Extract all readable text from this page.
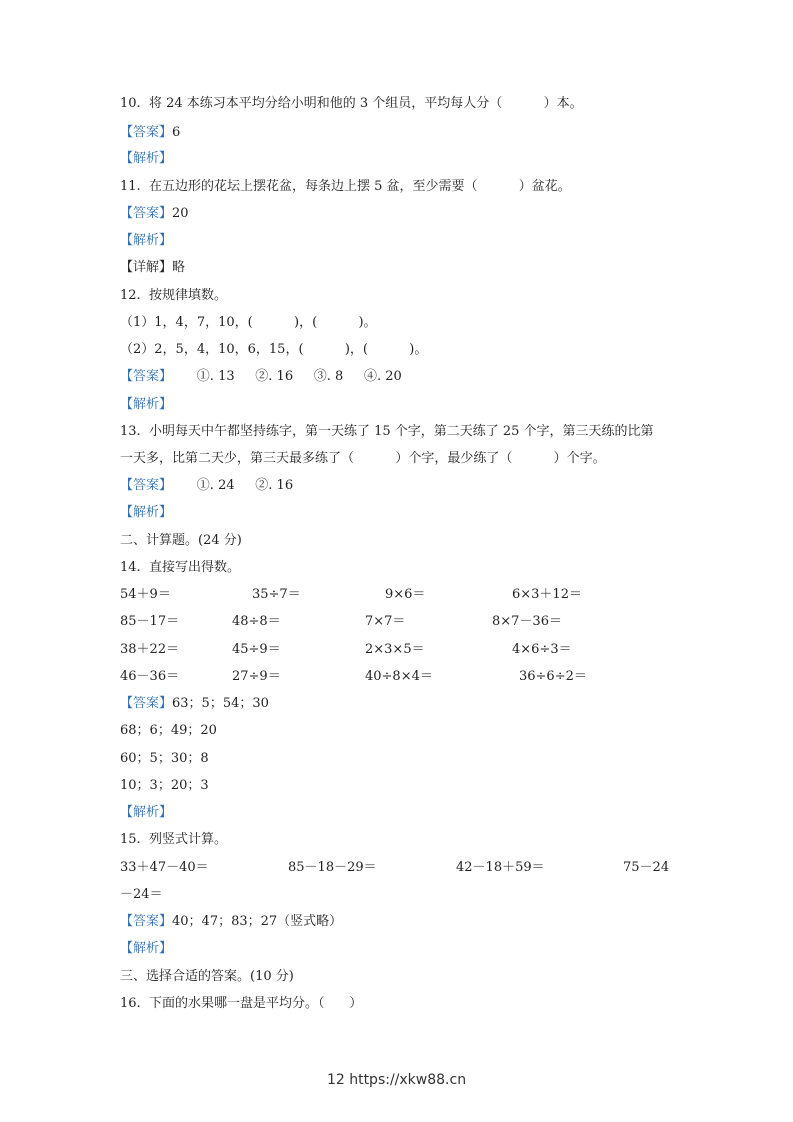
10.  将 24 本练习本平均分给小明和他的 3 个组员，平均每人分（          ）本。
【答案】6
【解析】
11.  在五边形的花坛上摆花盆，每条边上摆 5 盆，至少需要（          ）盆花。
【答案】20
【解析】
【详解】略
12.  按规律填数。
（1）1，4，7，10，(          )，(          )。
（2）2，5，4，10，6，15，(          )，(          )。
【答案】      ①. 13     ②. 16     ③. 8     ④. 20
【解析】
13.  小明每天中午都坚持练字，第一天练了 15 个字，第二天练了 25 个字，第三天练的比第
一天多，比第二天少，第三天最多练了（          ）个字，最少练了（          ）个字。
【答案】      ①. 24     ②. 16
【解析】
二、计算题。(24 分)
14.  直接写出得数。
54＋9＝	35÷7＝	9×6＝	6×3＋12＝
85－17＝	48÷8＝	7×7＝	8×7－36＝
38＋22＝	45÷9＝	2×3×5＝	4×6÷3＝
46－36＝	27÷9＝	40÷8×4＝	36÷6÷2＝
【答案】63；5；54；30
68；6；49；20
60；5；30；8
10；3；20；3
【解析】
15.  列竖式计算。
33＋47－40＝	85－18－29＝	42－18＋59＝	75－24
－24＝
【答案】40；47；83；27（竖式略）
【解析】
三、选择合适的答案。(10 分)
16.  下面的水果哪一盘是平均分。（      ）
12 https://xkw88.cn
